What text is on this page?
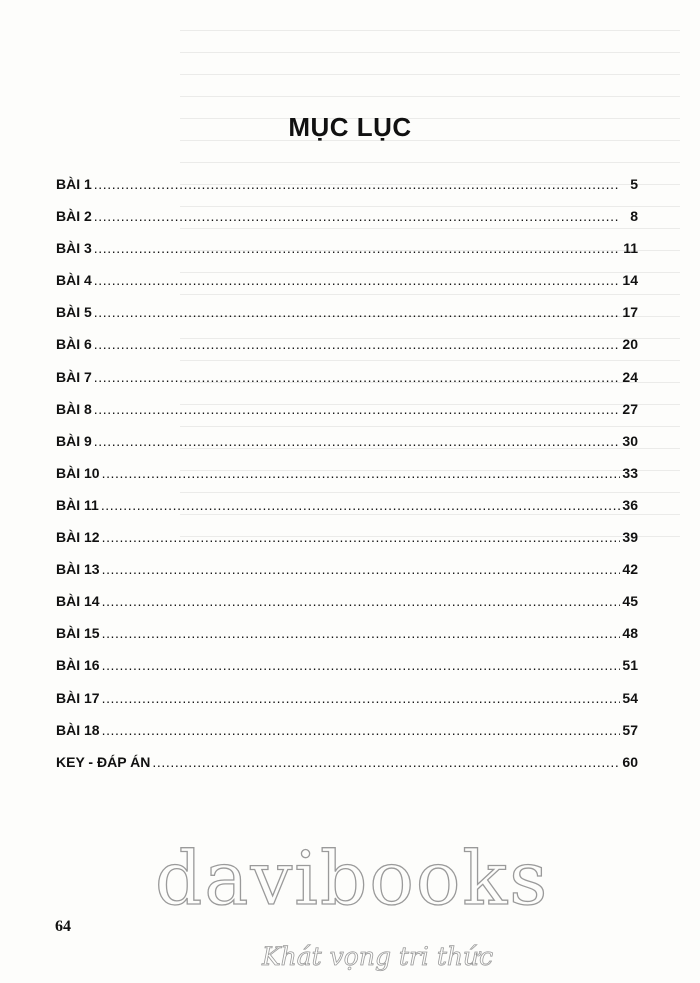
MỤC LỤC
BÀI 1 .....	5
BÀI 2 .....	8
BÀI 3 .....	11
BÀI 4 .....	14
BÀI 5 .....	17
BÀI 6 .....	20
BÀI 7 .....	24
BÀI 8 .....	27
BÀI 9 .....	30
BÀI 10 .....	33
BÀI 11 .....	36
BÀI 12 .....	39
BÀI 13 .....	42
BÀI 14 .....	45
BÀI 15 .....	48
BÀI 16 .....	51
BÀI 17 .....	54
BÀI 18 .....	57
KEY - ĐÁP ÁN .....	60
64
davibooks
Khát vọng tri thức
